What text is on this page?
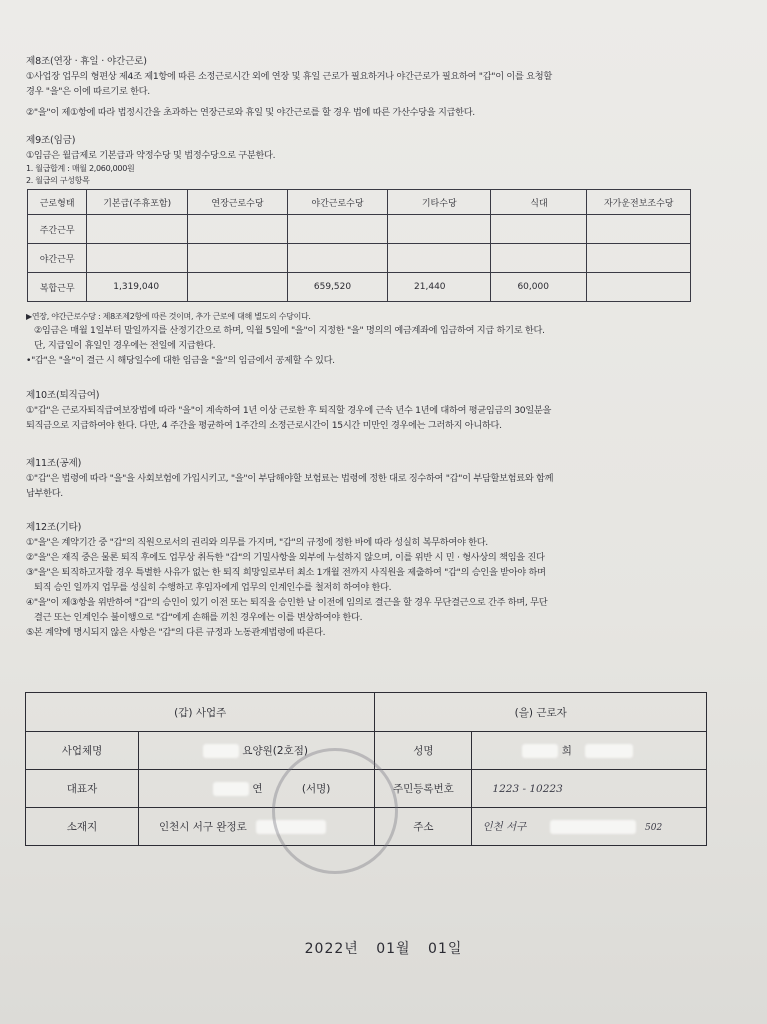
제8조(연장 · 휴일 · 야간근로)

①사업장 업무의 형편상 제4조 제1항에 따른 소정근로시간 외에 연장 및 휴일 근로가 필요하거나 야간근로가 필요하여 "갑"이 이를 요청할

경우 "을"은 이에 따르기로 한다.

②"을"이 제①항에 따라 법정시간을 초과하는 연장근로와 휴일 및 야간근로를 할 경우 법에 따른 가산수당을 지급한다.

제9조(임금)

①임금은 월급제로 기본급과 약정수당 및 법정수당으로 구분한다.

1. 월급합계 : 매월 2,060,000원

2. 월급의 구성항목

근로형태	기본급(주휴포함)	연장근로수당	야간근로수당	기타수당	식대	자가운전보조수당
주간근무						
야간근무						
복합근무	1,319,040		659,520	21,440	60,000	

▶연장, 야간근로수당 : 제8조제2항에 따른 것이며, 추가 근로에 대해 별도의 수당이다.

②임금은 매월 1일부터 말일까지를 산정기간으로 하며, 익월 5일에 "을"이 지정한 "을" 명의의 예금계좌에 입금하여 지급 하기로 한다.

단, 지급일이 휴일인 경우에는 전일에 지급한다.

•"갑"은 "을"이 결근 시 해당일수에 대한 임금을 "을"의 임금에서 공제할 수 있다.

제10조(퇴직급여)

①"갑"은 근로자퇴직급여보장법에 따라 "을"이 계속하여 1년 이상 근로한 후 퇴직할 경우에 근속 년수 1년에 대하여 평균임금의 30일분을

퇴직금으로 지급하여야 한다. 다만, 4 주간을 평균하여 1주간의 소정근로시간이 15시간 미만인 경우에는 그러하지 아니하다.

제11조(공제)

①"갑"은 법령에 따라 "을"을 사회보험에 가입시키고, "을"이 부담해야할 보험료는 법령에 정한 대로 징수하여 "갑"이 부담할보험료와 함께

납부한다.

제12조(기타)

①"을"은 계약기간 중 "갑"의 직원으로서의 권리와 의무를 가지며, "갑"의 규정에 정한 바에 따라 성실히 복무하여야 한다.

②"을"은 재직 중은 물론 퇴직 후에도 업무상 취득한 "갑"의 기밀사항을 외부에 누설하지 않으며, 이를 위반 시 민 · 형사상의 책임을 진다

③"을"은 퇴직하고자할 경우 특별한 사유가 없는 한 퇴직 희망일로부터 최소 1개월 전까지 사직원을 제출하여 "갑"의 승인을 받아야 하며

퇴직 승인 일까지 업무를 성실히 수행하고 후임자에게 업무의 인계인수를 철저히 하여야 한다.

④"을"이 제③항을 위반하여 "갑"의 승인이 있기 이전 또는 퇴직을 승인한 날 이전에 임의로 결근을 할 경우 무단결근으로 간주 하며, 무단

결근 또는 인계인수 불이행으로 "갑"에게 손해를 끼친 경우에는 이를 변상하여야 한다.

⑤본 계약에 명시되지 않은 사항은 "갑"의 다른 규정과 노동관계법령에 따른다.

(갑) 사업주		(을) 근로자	
사업체명	요양원(2호점)	성명	희
대표자	연 (서명)	주민등록번호	1223 - 10223
소재지	인천시 서구 완정로	주소	인천 서구 502
2022년 01월 01일
